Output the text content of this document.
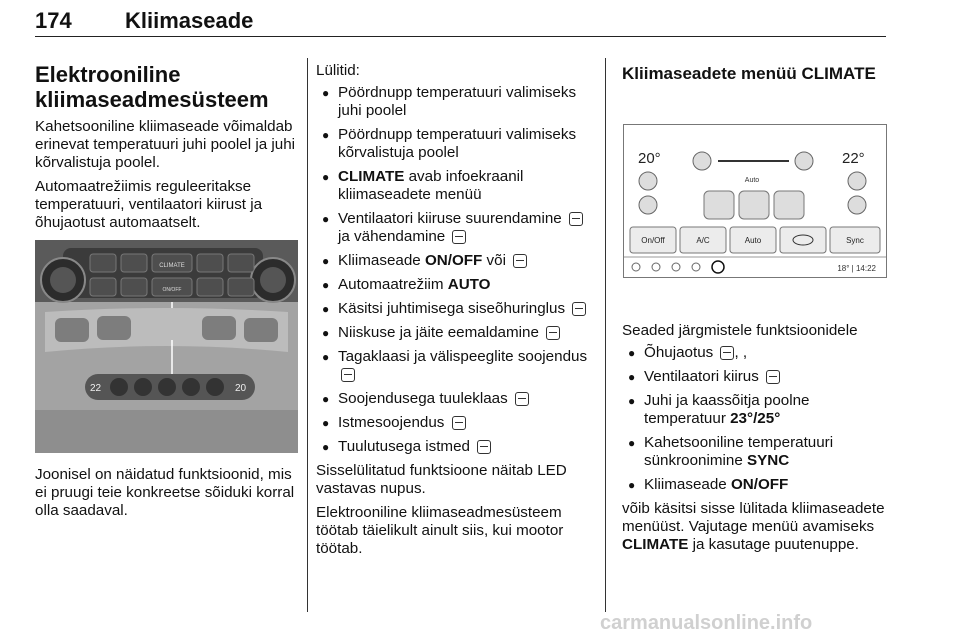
174 Kliimaseade
Elektrooniline kliimaseadmesüsteem

Kahetsooniline kliimaseade võimaldab erinevat temperatuuri juhi poolel ja juhi kõrvalistuja poolel.

Automaatrežiimis reguleeritakse temperatuuri, ventilaatori kiirust ja õhujaotust automaatselt.

CLIMATE
ON/OFF
22	20

Joonisel on näidatud funktsioonid, mis ei pruugi teie konkreetse sõiduki korral olla saadaval.

Lülitid:

● Pöördnupp temperatuuri valimiseks juhi poolel
● Pöördnupp temperatuuri valimiseks kõrvalistuja poolel
● CLIMATE avab infoekraanil kliimaseadete menüü
● Ventilaatori kiiruse suurendamine  ja vähendamine
● Kliimaseade ON/OFF või
● Automaatrežiim AUTO
● Käsitsi juhtimisega siseõhuringlus
● Niiskuse ja jäite eemaldamine
● Tagaklaasi ja välispeeglite soojendus
● Soojendusega tuuleklaas
● Istmesoojendus
● Tuulutusega istmed

Sisselülitatud funktsioone näitab LED vastavas nupus.

Elektrooniline kliimaseadmesüsteem töötab täielikult ainult siis, kui mootor töötab.

Kliimaseadete menüü CLIMATE
20°	22°
Auto
On/Off	A/C	Auto	Sync
18° | 14:22

Seaded järgmistele funktsioonidele

● Õhujaotus , ,
● Ventilaatori kiirus
● Juhi ja kaassõitja poolne temperatuur 23°/25°
● Kahetsooniline temperatuuri sünkroonimine SYNC
● Kliimaseade ON/OFF

võib käsitsi sisse lülitada kliimaseadete menüüst. Vajutage menüü avamiseks CLIMATE ja kasutage puutenuppe.

carmanualsonline.info
